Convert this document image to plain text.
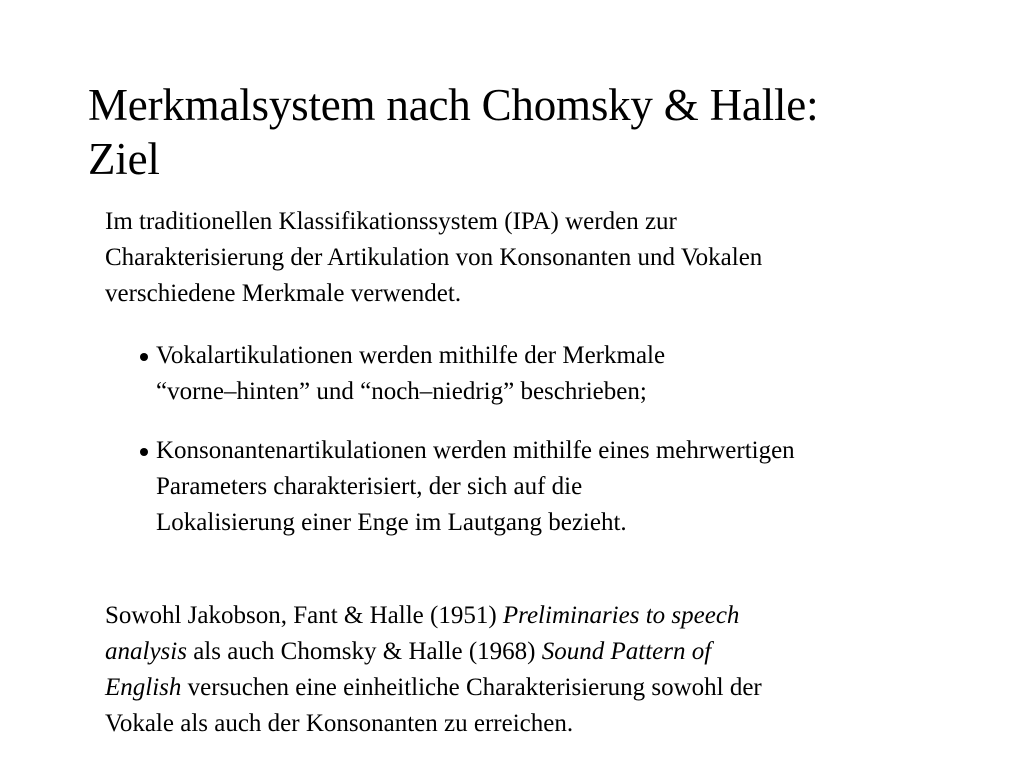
Merkmalsystem nach Chomsky & Halle:
Ziel

Im traditionellen Klassifikationssystem (IPA) werden zur
Charakterisierung der Artikulation von Konsonanten und Vokalen
verschiedene Merkmale verwendet.

Vokalartikulationen werden mithilfe der Merkmale
“vorne–hinten” und “noch–niedrig” beschrieben;
Konsonantenartikulationen werden mithilfe eines mehrwertigen
Parameters charakterisiert, der sich auf die
Lokalisierung einer Enge im Lautgang bezieht.

Sowohl Jakobson, Fant & Halle (1951) Preliminaries to speech
analysis als auch Chomsky & Halle (1968) Sound Pattern of
English versuchen eine einheitliche Charakterisierung sowohl der
Vokale als auch der Konsonanten zu erreichen.
